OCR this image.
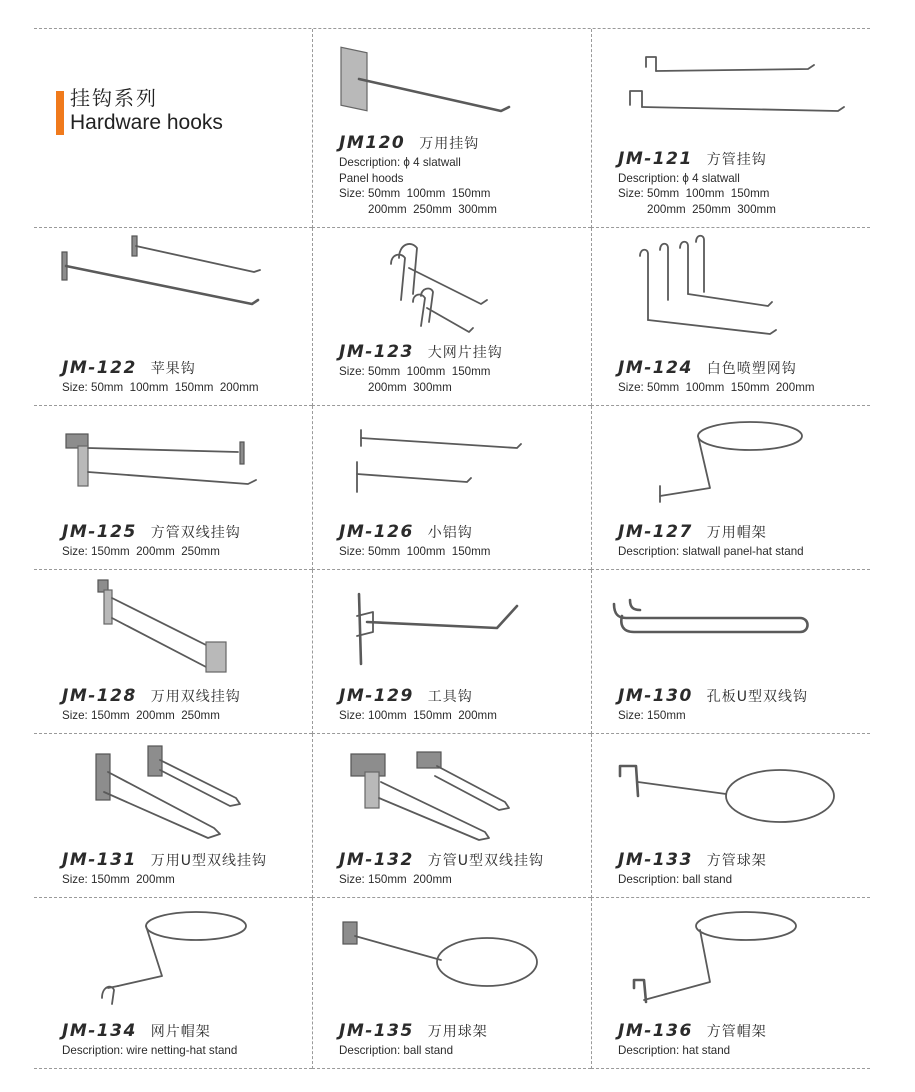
挂钩系列
Hardware hooks
JM120 万用挂钩
Description: ϕ 4 slatwall
Panel hoods
Size: 50mm  100mm  150mm
200mm  250mm  300mm
JM-121 方管挂钩
Description: ϕ 4 slatwall
Size: 50mm  100mm  150mm
200mm  250mm  300mm
JM-122 苹果钩
Size: 50mm  100mm  150mm  200mm
JM-123 大网片挂钩
Size: 50mm  100mm  150mm
200mm  300mm
JM-124 白色喷塑网钩
Size: 50mm  100mm  150mm  200mm
JM-125 方管双线挂钩
Size: 150mm  200mm  250mm
JM-126 小铝钩
Size: 50mm  100mm  150mm
JM-127 万用帽架
Description: slatwall panel-hat stand
JM-128 万用双线挂钩
Size: 150mm  200mm  250mm
JM-129 工具钩
Size: 100mm  150mm  200mm
JM-130 孔板U型双线钩
Size: 150mm
JM-131 万用U型双线挂钩
Size: 150mm  200mm
JM-132 方管U型双线挂钩
Size: 150mm  200mm
JM-133 方管球架
Description: ball stand
JM-134 网片帽架
Description: wire netting-hat stand
JM-135 万用球架
Description: ball stand
JM-136 方管帽架
Description: hat stand
